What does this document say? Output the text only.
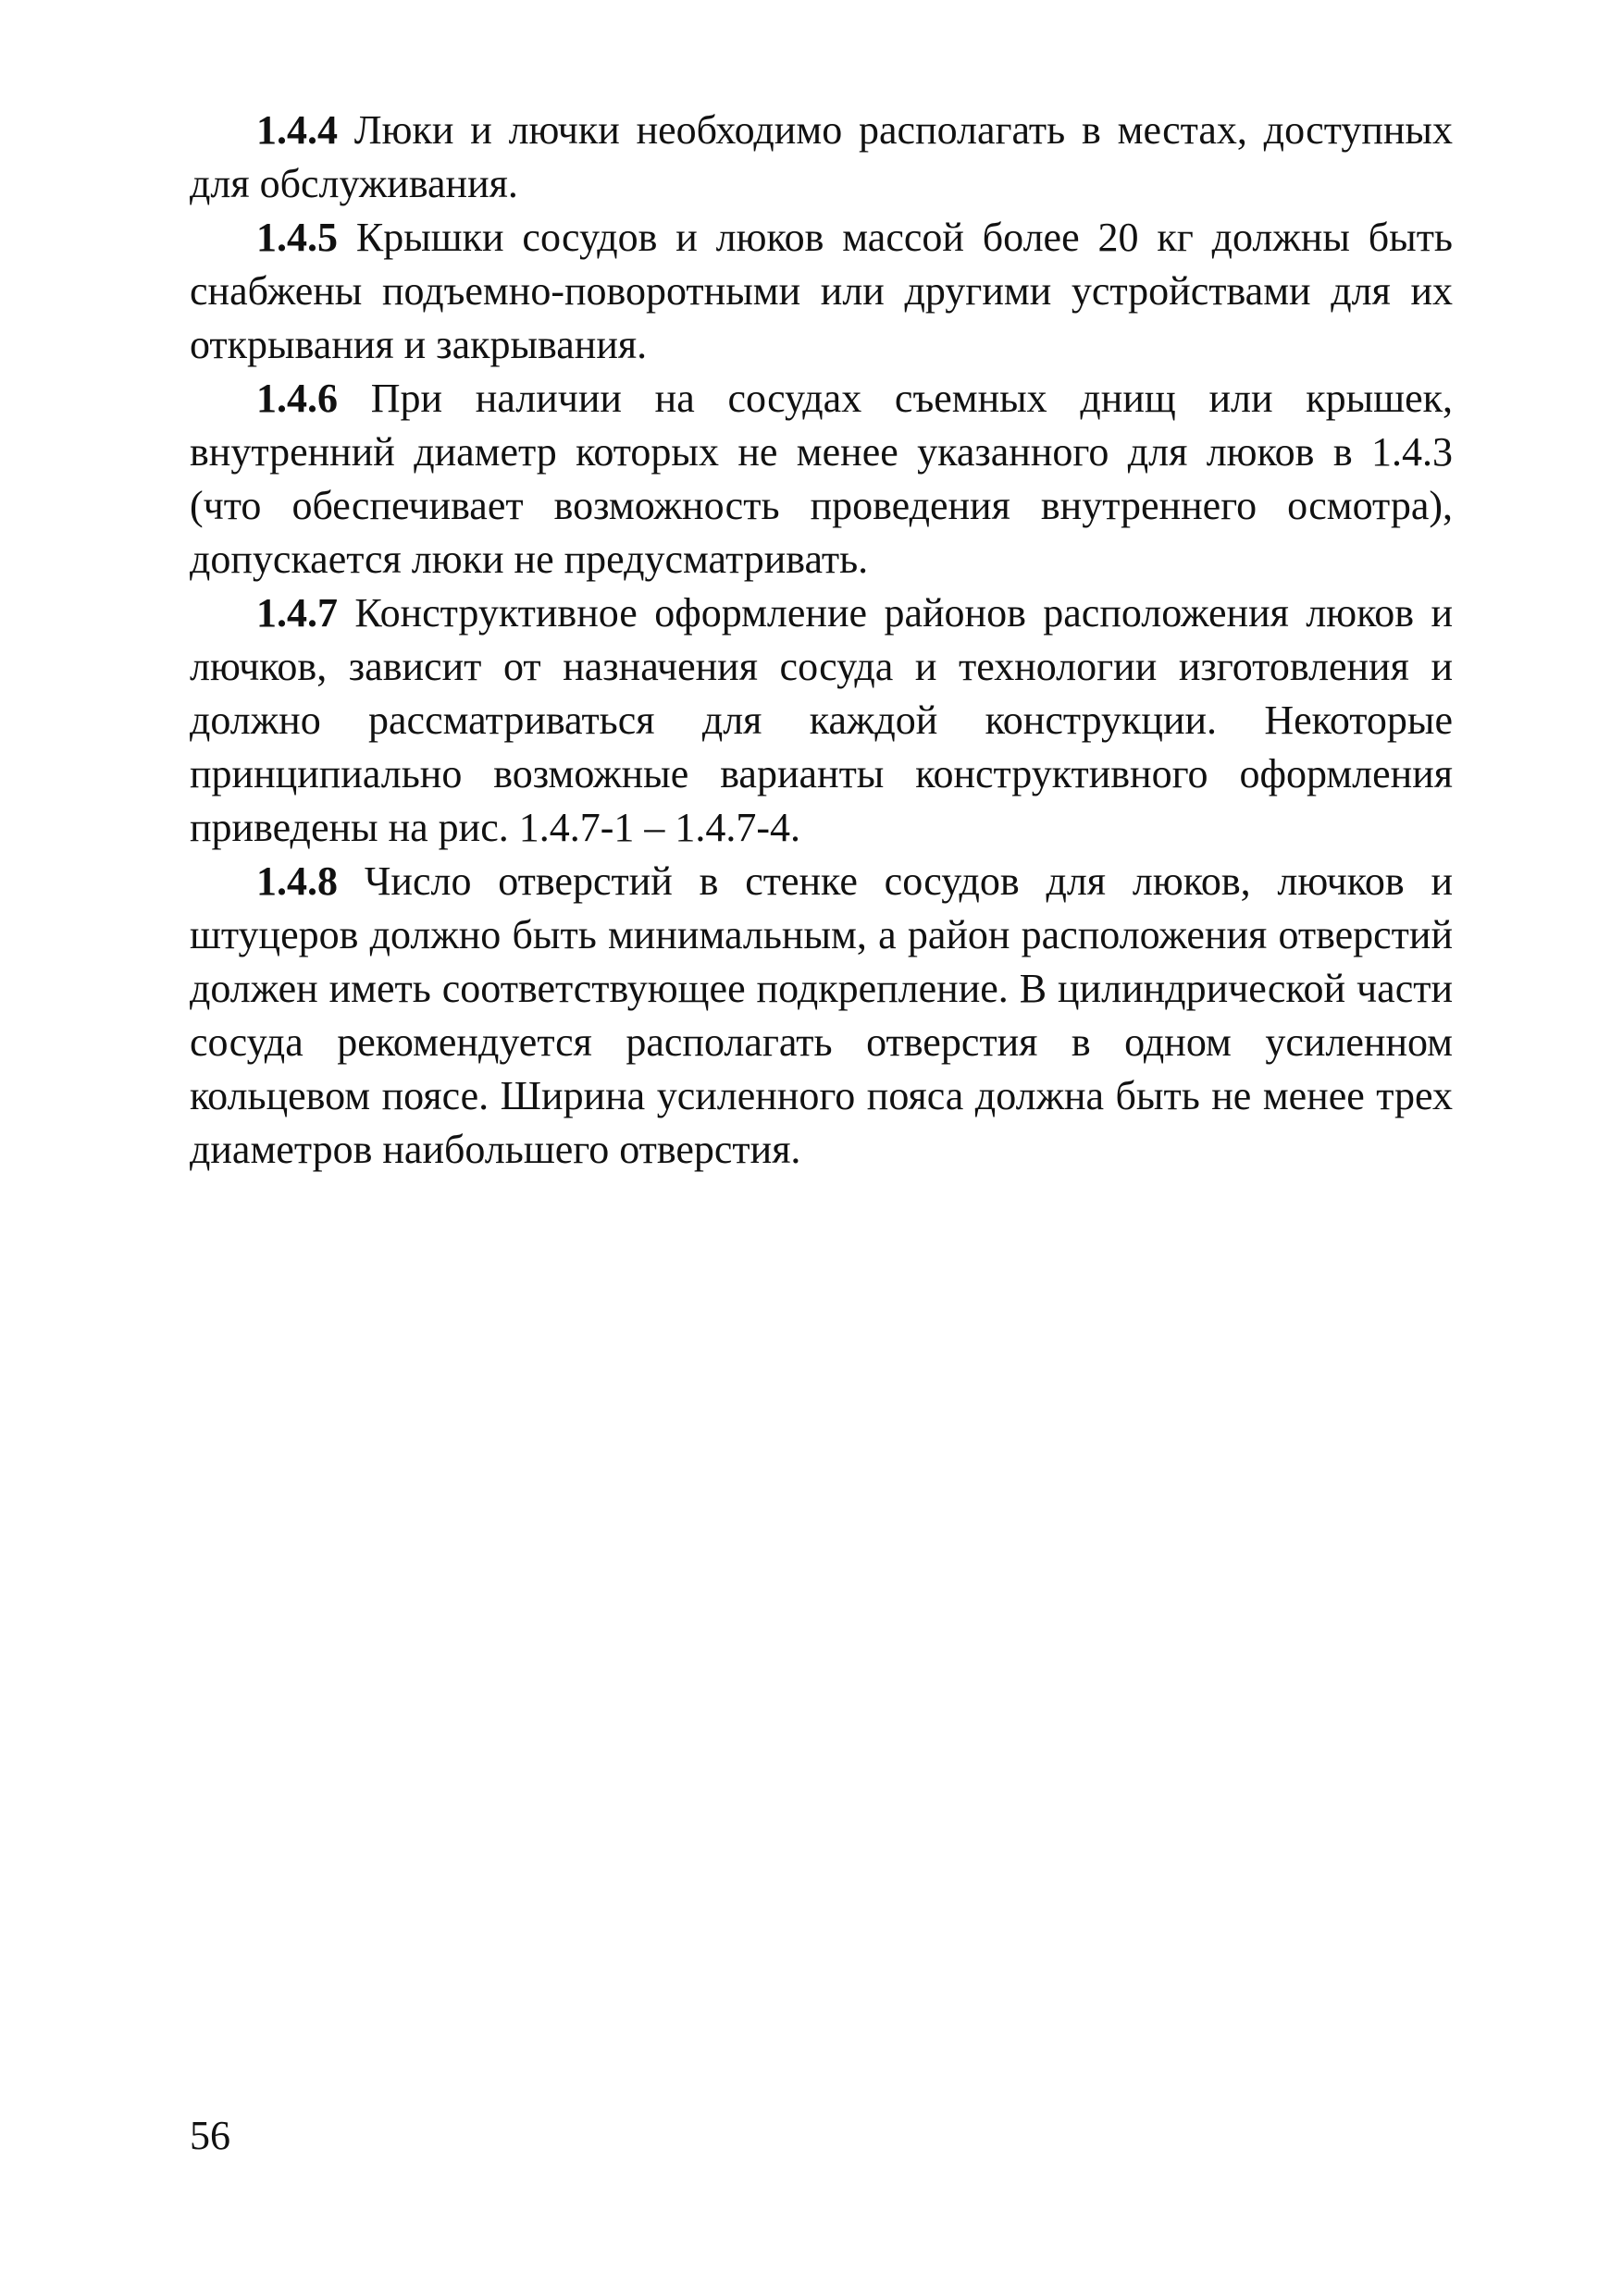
1.4.4 Люки и лючки необходимо располагать в местах, доступных для обслуживания.

1.4.5 Крышки сосудов и люков массой более 20 кг должны быть снабжены подъемно-поворотными или другими устройствами для их открывания и закрывания.

1.4.6 При наличии на сосудах съемных днищ или крышек, внутренний диаметр которых не менее указанного для люков в 1.4.3 (что обеспечивает возможность проведения внутреннего осмотра), допускается люки не предусматривать.

1.4.7 Конструктивное оформление районов расположения люков и лючков, зависит от назначения сосуда и технологии изготовления и должно рассматриваться для каждой конструкции. Некоторые принципиально возможные варианты конструктивного оформления приведены на рис. 1.4.7-1 – 1.4.7-4.

1.4.8 Число отверстий в стенке сосудов для люков, лючков и штуцеров должно быть минимальным, а район расположения отверстий должен иметь соответствующее подкрепление. В цилиндрической части сосуда рекомендуется располагать отверстия в одном усиленном кольцевом поясе. Ширина усиленного пояса должна быть не менее трех диаметров наибольшего отверстия.

56
